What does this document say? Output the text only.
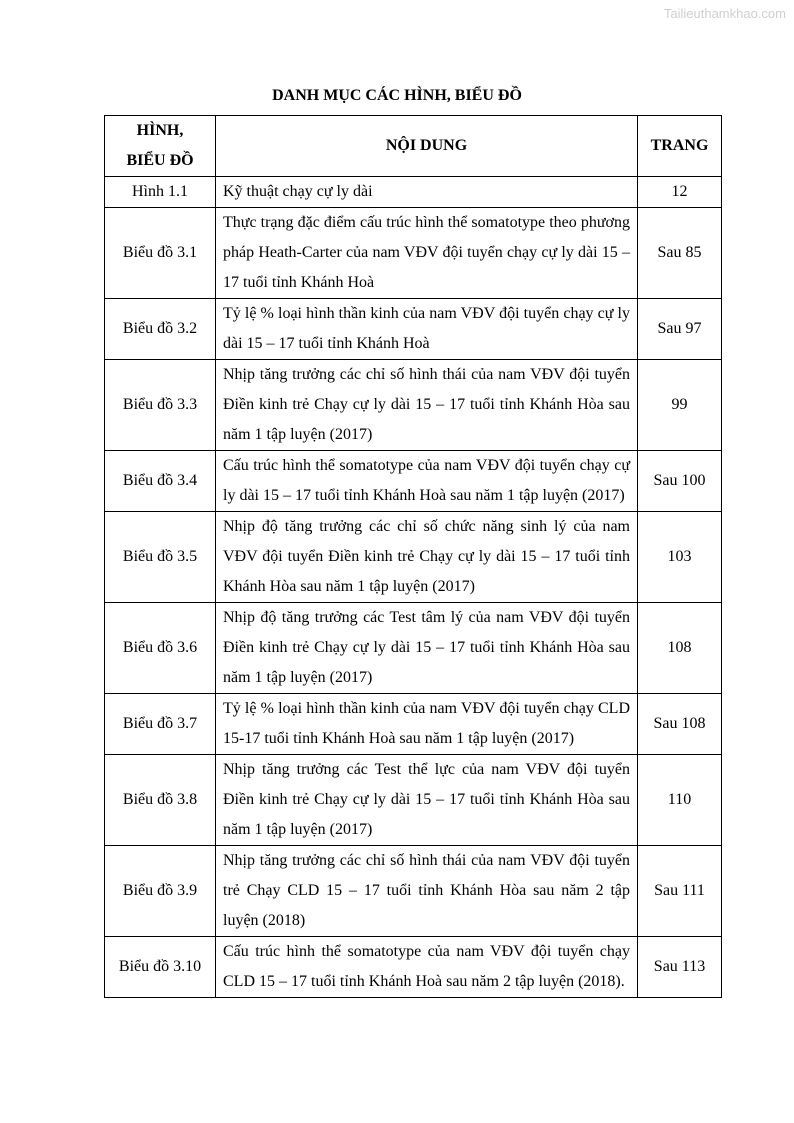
Tailieuthamkhao.com
DANH MỤC CÁC HÌNH, BIỂU ĐỒ
HÌNH,
BIỂU ĐỒ	NỘI DUNG	TRANG
Hình 1.1	Kỹ thuật chạy cự ly dài	12
Biểu đồ 3.1	Thực trạng đặc điểm cấu trúc hình thể somatotype theo phương pháp Heath-Carter của nam VĐV đội tuyển chạy cự ly dài 15 – 17 tuổi tỉnh Khánh Hoà	Sau 85
Biểu đồ 3.2	Tỷ lệ % loại hình thần kinh của nam VĐV đội tuyển chạy cự ly dài 15 – 17 tuổi tỉnh Khánh Hoà	Sau 97
Biểu đồ 3.3	Nhịp tăng trưởng các chỉ số hình thái của nam VĐV đội tuyển Điền kinh trẻ Chạy cự ly dài 15 – 17 tuổi tỉnh Khánh Hòa sau năm 1 tập luyện (2017)	99
Biểu đồ 3.4	Cấu trúc hình thể somatotype của nam VĐV đội tuyển chạy cự ly dài 15 – 17 tuổi tỉnh Khánh Hoà sau năm 1 tập luyện (2017)	Sau 100
Biểu đồ 3.5	Nhịp độ tăng trưởng các chỉ số chức năng sinh lý của nam VĐV đội tuyển Điền kinh trẻ Chạy cự ly dài 15 – 17 tuổi tỉnh Khánh Hòa sau năm 1 tập luyện (2017)	103
Biểu đồ 3.6	Nhịp độ tăng trưởng các Test tâm lý của nam VĐV đội tuyển Điền kinh trẻ Chạy cự ly dài 15 – 17 tuổi tỉnh Khánh Hòa sau năm 1 tập luyện (2017)	108
Biểu đồ 3.7	Tỷ lệ % loại hình thần kinh của nam VĐV đội tuyển chạy CLD 15-17 tuổi tỉnh Khánh Hoà sau năm 1 tập luyện (2017)	Sau 108
Biểu đồ 3.8	Nhịp tăng trưởng các Test thể lực của nam VĐV đội tuyển Điền kinh trẻ Chạy cự ly dài 15 – 17 tuổi tỉnh Khánh Hòa sau năm 1 tập luyện (2017)	110
Biểu đồ 3.9	Nhịp tăng trưởng các chỉ số hình thái của nam VĐV đội tuyển trẻ Chạy CLD 15 – 17 tuổi tỉnh Khánh Hòa sau năm 2 tập luyện (2018)	Sau 111
Biểu đồ 3.10	Cấu trúc hình thể somatotype của nam VĐV đội tuyển chạy CLD 15 – 17 tuổi tỉnh Khánh Hoà sau năm 2 tập luyện (2018).	Sau 113
